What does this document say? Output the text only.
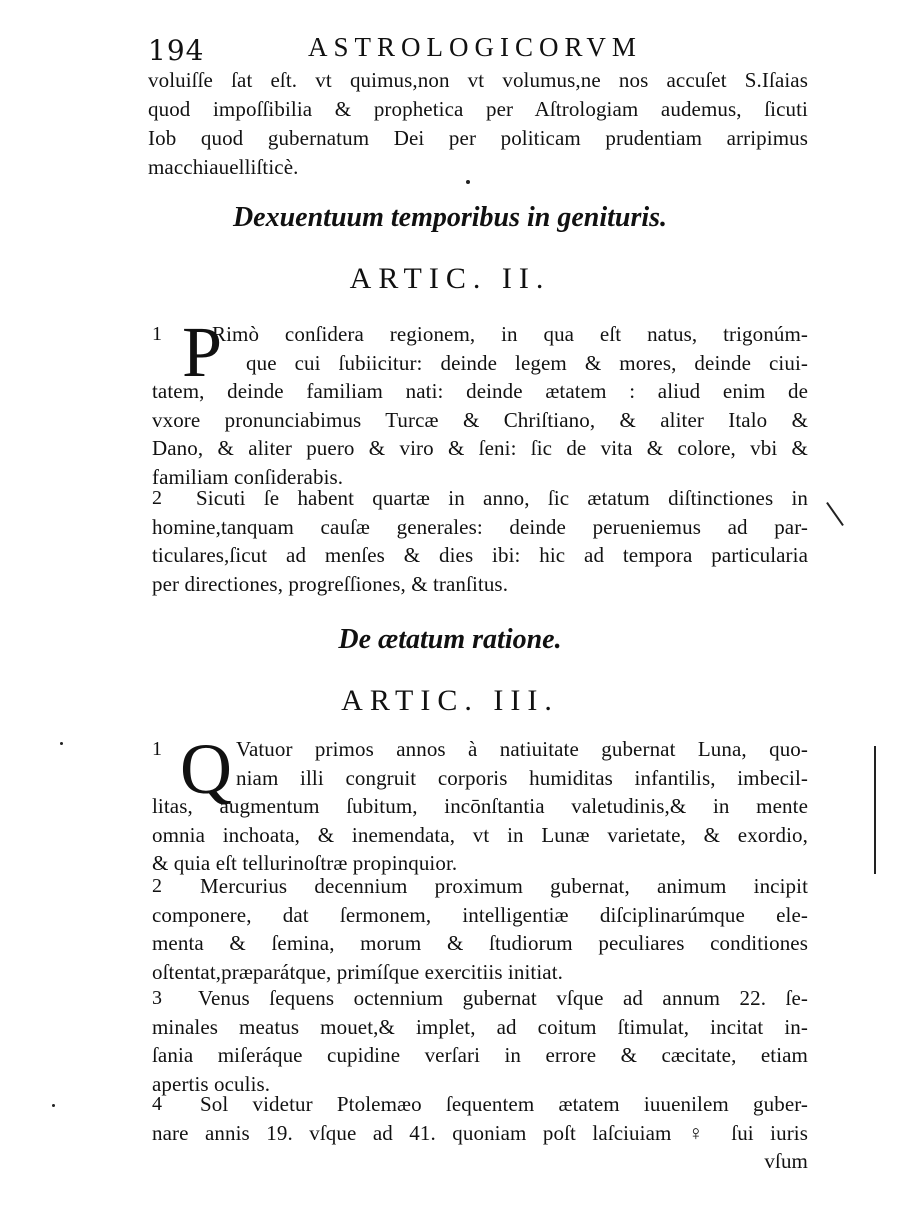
194	ASTROLOGICORVM
voluiſſe ſat eſt. vt quimus,non vt volumus,ne nos accuſet S.Iſaias
quod impoſſibilia & prophetica per Aſtrologiam audemus, ſicuti
Iob quod gubernatum Dei per politicam prudentiam arripimus
macchiauelliſticè.
Dexuentuum temporibus in genituris.
ARTIC. II.
1 P
Rimò conſidera regionem, in qua eſt natus, trigonúm-
que cui ſubiicitur: deinde legem & mores, deinde ciui-
tatem, deinde familiam nati: deinde ætatem : aliud enim de
vxore pronunciabimus Turcæ & Chriſtiano, & aliter Italo &
Dano, & aliter puero & viro & ſeni: ſic de vita & colore, vbi &
familiam conſiderabis.
2 Sicuti ſe habent quartæ in anno, ſic ætatum diſtinctiones in
homine,tanquam cauſæ generales: deinde perueniemus ad par-
ticulares,ſicut ad menſes & dies ibi: hic ad tempora particularia
per directiones, progreſſiones, & tranſitus.
De ætatum ratione.
ARTIC. III.
1 Q Vatuor primos annos à natiuitate gubernat Luna, quo-
niam illi congruit corporis humiditas infantilis, imbecil-
litas, augmentum ſubitum, incōnſtantia valetudinis,& in mente
omnia inchoata, & inemendata, vt in Lunæ varietate, & exordio,
& quia eſt tellurinoſtræ propinquior.
2 Mercurius decennium proximum gubernat, animum incipit
componere, dat ſermonem, intelligentiæ diſciplinarúmque ele-
menta & ſemina, morum & ſtudiorum peculiares conditiones
oſtentat,præparátque, primíſque exercitiis initiat.
3 Venus ſequens octennium gubernat vſque ad annum 22. ſe-
minales meatus mouet,& implet, ad coitum ſtimulat, incitat in-
ſania miſeráque cupidine verſari in errore & cæcitate, etiam
apertis oculis.
4 Sol videtur Ptolemæo ſequentem ætatem iuuenilem guber-
nare annis 19. vſque ad 41. quoniam poſt laſciuiam ♀ ſui iuris
vſum
